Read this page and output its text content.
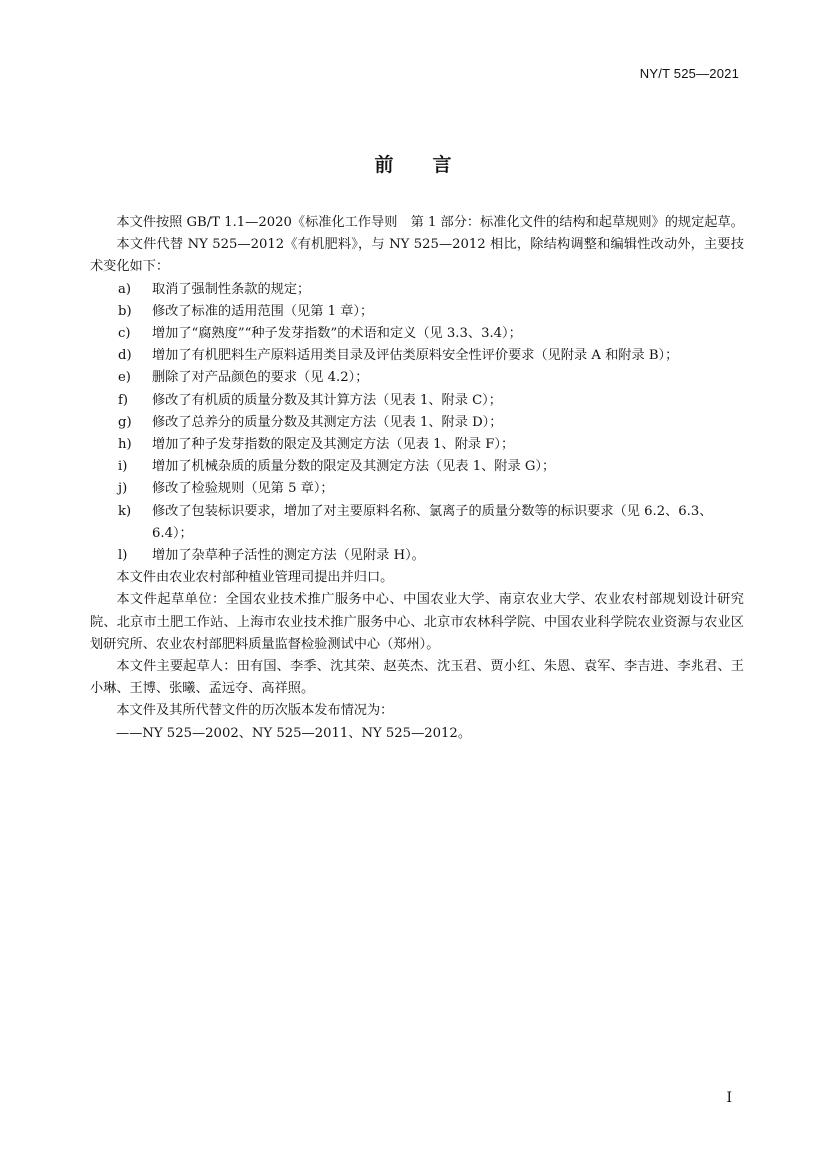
NY/T 525—2021
前 言

本文件按照 GB/T 1.1—2020《标准化工作导则　第 1 部分：标准化文件的结构和起草规则》的规定起草。

本文件代替 NY 525—2012《有机肥料》，与 NY 525—2012 相比，除结构调整和编辑性改动外，主要技术变化如下：

a)	取消了强制性条款的规定；
b)	修改了标准的适用范围（见第 1 章）；
c)	增加了“腐熟度”“种子发芽指数”的术语和定义（见 3.3、3.4）；
d)	增加了有机肥料生产原料适用类目录及评估类原料安全性评价要求（见附录 A 和附录 B）；
e)	删除了对产品颜色的要求（见 4.2）；
f)	修改了有机质的质量分数及其计算方法（见表 1、附录 C）；
g)	修改了总养分的质量分数及其测定方法（见表 1、附录 D）；
h)	增加了种子发芽指数的限定及其测定方法（见表 1、附录 F）；
i)	增加了机械杂质的质量分数的限定及其测定方法（见表 1、附录 G）；
j)	修改了检验规则（见第 5 章）；
k)	修改了包装标识要求，增加了对主要原料名称、氯离子的质量分数等的标识要求（见 6.2、6.3、6.4）；
l)	增加了杂草种子活性的测定方法（见附录 H）。

本文件由农业农村部种植业管理司提出并归口。

本文件起草单位：全国农业技术推广服务中心、中国农业大学、南京农业大学、农业农村部规划设计研究院、北京市土肥工作站、上海市农业技术推广服务中心、北京市农林科学院、中国农业科学院农业资源与农业区划研究所、农业农村部肥料质量监督检验测试中心（郑州）。

本文件主要起草人：田有国、李季、沈其荣、赵英杰、沈玉君、贾小红、朱恩、袁军、李吉进、李兆君、王小琳、王博、张曦、孟远夺、高祥照。

本文件及其所代替文件的历次版本发布情况为：

——NY 525—2002、NY 525—2011、NY 525—2012。

I
